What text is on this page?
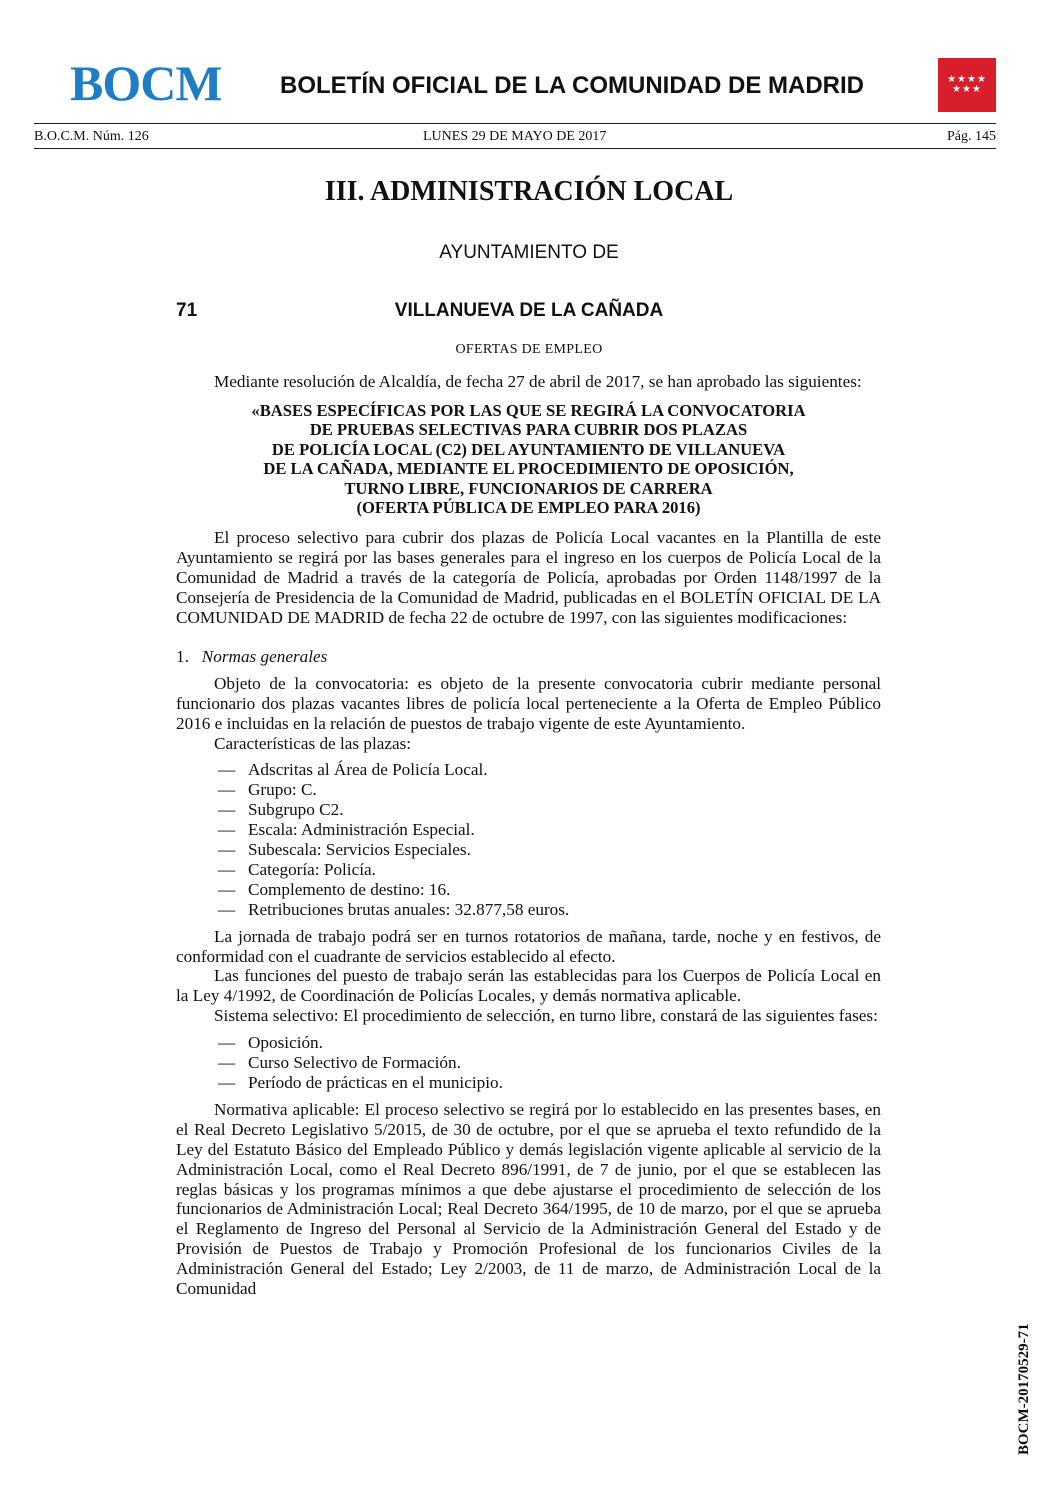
BOCM BOLETÍN OFICIAL DE LA COMUNIDAD DE MADRID	★★★★
★★★

B.O.C.M. Núm. 126	LUNES 29 DE MAYO DE 2017	Pág. 145

III. ADMINISTRACIÓN LOCAL

AYUNTAMIENTO DE

71	VILLANUEVA DE LA CAÑADA

OFERTAS DE EMPLEO

Mediante resolución de Alcaldía, de fecha 27 de abril de 2017, se han aprobado las siguientes:

«BASES ESPECÍFICAS POR LAS QUE SE REGIRÁ LA CONVOCATORIA
DE PRUEBAS SELECTIVAS PARA CUBRIR DOS PLAZAS
DE POLICÍA LOCAL (C2) DEL AYUNTAMIENTO DE VILLANUEVA
DE LA CAÑADA, MEDIANTE EL PROCEDIMIENTO DE OPOSICIÓN,
TURNO LIBRE, FUNCIONARIOS DE CARRERA
(OFERTA PÚBLICA DE EMPLEO PARA 2016)

El proceso selectivo para cubrir dos plazas de Policía Local vacantes en la Plantilla de este Ayuntamiento se regirá por las bases generales para el ingreso en los cuerpos de Policía Local de la Comunidad de Madrid a través de la categoría de Policía, aprobadas por Orden 1148/1997 de la Consejería de Presidencia de la Comunidad de Madrid, publicadas en el BOLETÍN OFICIAL DE LA COMUNIDAD DE MADRID de fecha 22 de octubre de 1997, con las siguientes modificaciones:

1. Normas generales

Objeto de la convocatoria: es objeto de la presente convocatoria cubrir mediante personal funcionario dos plazas vacantes libres de policía local perteneciente a la Oferta de Empleo Público 2016 e incluidas en la relación de puestos de trabajo vigente de este Ayuntamiento.

Características de las plazas:

— Adscritas al Área de Policía Local.
— Grupo: C.
— Subgrupo C2.
— Escala: Administración Especial.
— Subescala: Servicios Especiales.
— Categoría: Policía.
— Complemento de destino: 16.
— Retribuciones brutas anuales: 32.877,58 euros.

La jornada de trabajo podrá ser en turnos rotatorios de mañana, tarde, noche y en festivos, de conformidad con el cuadrante de servicios establecido al efecto.

Las funciones del puesto de trabajo serán las establecidas para los Cuerpos de Policía Local en la Ley 4/1992, de Coordinación de Policías Locales, y demás normativa aplicable.

Sistema selectivo: El procedimiento de selección, en turno libre, constará de las siguientes fases:

— Oposición.
— Curso Selectivo de Formación.
— Período de prácticas en el municipio.

Normativa aplicable: El proceso selectivo se regirá por lo establecido en las presentes bases, en el Real Decreto Legislativo 5/2015, de 30 de octubre, por el que se aprueba el texto refundido de la Ley del Estatuto Básico del Empleado Público y demás legislación vigente aplicable al servicio de la Administración Local, como el Real Decreto 896/1991, de 7 de junio, por el que se establecen las reglas básicas y los programas mínimos a que debe ajustarse el procedimiento de selección de los funcionarios de Administración Local; Real Decreto 364/1995, de 10 de marzo, por el que se aprueba el Reglamento de Ingreso del Personal al Servicio de la Administración General del Estado y de Provisión de Puestos de Trabajo y Promoción Profesional de los funcionarios Civiles de la Administración General del Estado; Ley 2/2003, de 11 de marzo, de Administración Local de la Comunidad

BOCM-20170529-71
